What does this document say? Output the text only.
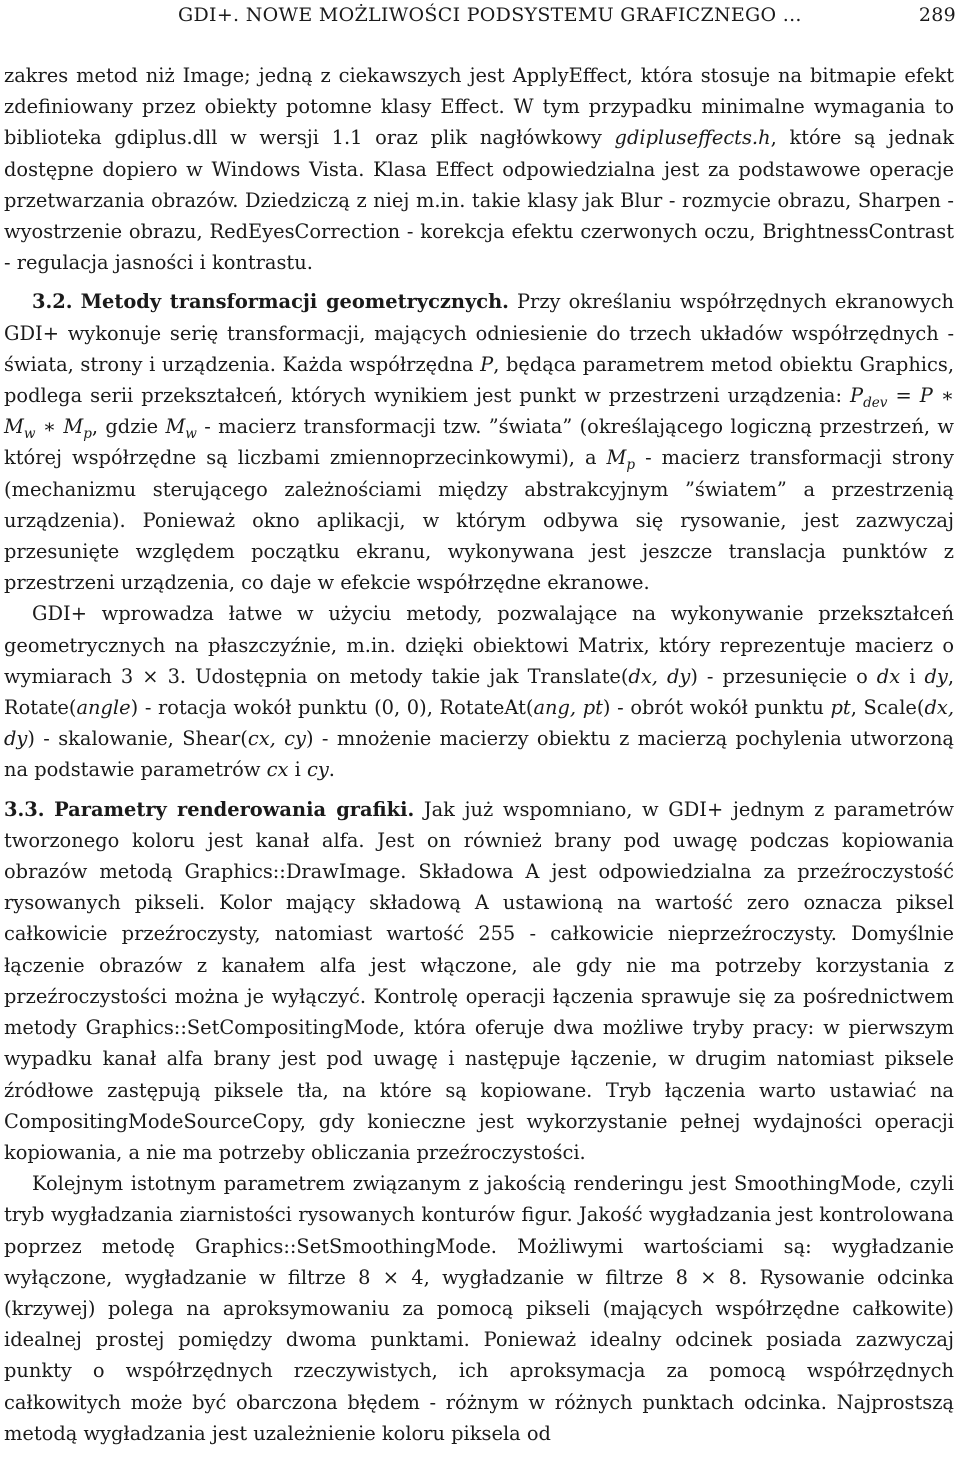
GDI+. NOWE MOŻLIWOŚCI PODSYSTEMU GRAFICZNEGO ...	289

zakres metod niż Image; jedną z ciekawszych jest ApplyEffect, która stosuje na bitmapie efekt zdefiniowany przez obiekty potomne klasy Effect. W tym przypadku minimalne wymagania to biblioteka gdiplus.dll w wersji 1.1 oraz plik nagłówkowy gdipluseffects.h, które są jednak dostępne dopiero w Windows Vista. Klasa Effect odpowiedzialna jest za podstawowe operacje przetwarzania obrazów. Dziedziczą z niej m.in. takie klasy jak Blur - rozmycie obrazu, Sharpen - wyostrzenie obrazu, RedEyesCorrection - korekcja efektu czerwonych oczu, BrightnessContrast - regulacja jasności i kontrastu.

3.2. Metody transformacji geometrycznych. Przy określaniu współrzędnych ekranowych GDI+ wykonuje serię transformacji, mających odniesienie do trzech układów współrzędnych - świata, strony i urządzenia. Każda współrzędna P, będąca parametrem metod obiektu Graphics, podlega serii przekształceń, których wynikiem jest punkt w przestrzeni urządzenia: $P_{dev} = P$ ∗ $M_w$ ∗ $M_p$, gdzie $M_w$ - macierz transformacji tzw. ”świata” (określającego logiczną przestrzeń, w której współrzędne są liczbami zmiennoprzecinkowymi), a $M_p$ - macierz transformacji strony (mechanizmu sterującego zależnościami między abstrakcyjnym ”światem” a przestrzenią urządzenia). Ponieważ okno aplikacji, w którym odbywa się rysowanie, jest zazwyczaj przesunięte względem początku ekranu, wykonywana jest jeszcze translacja punktów z przestrzeni urządzenia, co daje w efekcie współrzędne ekranowe.

GDI+ wprowadza łatwe w użyciu metody, pozwalające na wykonywanie przekształceń geometrycznych na płaszczyźnie, m.in. dzięki obiektowi Matrix, który reprezentuje macierz o wymiarach 3 × 3. Udostępnia on metody takie jak Translate(dx, dy) - przesunięcie o dx i dy, Rotate(angle) - rotacja wokół punktu (0, 0), RotateAt(ang, pt) - obrót wokół punktu pt, Scale(dx, dy) - skalowanie, Shear(cx, cy) - mnożenie macierzy obiektu z macierzą pochylenia utworzoną na podstawie parametrów cx i cy.

3.3. Parametry renderowania grafiki. Jak już wspomniano, w GDI+ jednym z parametrów tworzonego koloru jest kanał alfa. Jest on również brany pod uwagę podczas kopiowania obrazów metodą Graphics::DrawImage. Składowa A jest odpowiedzialna za przeźroczystość rysowanych pikseli. Kolor mający składową A ustawioną na wartość zero oznacza piksel całkowicie przeźroczysty, natomiast wartość 255 - całkowicie nieprzeźroczysty. Domyślnie łączenie obrazów z kanałem alfa jest włączone, ale gdy nie ma potrzeby korzystania z przeźroczystości można je wyłączyć. Kontrolę operacji łączenia sprawuje się za pośrednictwem metody Graphics::SetCompositingMode, która oferuje dwa możliwe tryby pracy: w pierwszym wypadku kanał alfa brany jest pod uwagę i następuje łączenie, w drugim natomiast piksele źródłowe zastępują piksele tła, na które są kopiowane. Tryb łączenia warto ustawiać na CompositingModeSourceCopy, gdy konieczne jest wykorzystanie pełnej wydajności operacji kopiowania, a nie ma potrzeby obliczania przeźroczystości.

Kolejnym istotnym parametrem związanym z jakością renderingu jest SmoothingMode, czyli tryb wygładzania ziarnistości rysowanych konturów figur. Jakość wygładzania jest kontrolowana poprzez metodę Graphics::SetSmoothingMode. Możliwymi wartościami są: wygładzanie wyłączone, wygładzanie w filtrze 8 × 4, wygładzanie w filtrze 8 × 8. Rysowanie odcinka (krzywej) polega na aproksymowaniu za pomocą pikseli (mających współrzędne całkowite) idealnej prostej pomiędzy dwoma punktami. Ponieważ idealny odcinek posiada zazwyczaj punkty o współrzędnych rzeczywistych, ich aproksymacja za pomocą współrzędnych całkowitych może być obarczona błędem - różnym w różnych punktach odcinka. Najprostszą metodą wygładzania jest uzależnienie koloru piksela od
